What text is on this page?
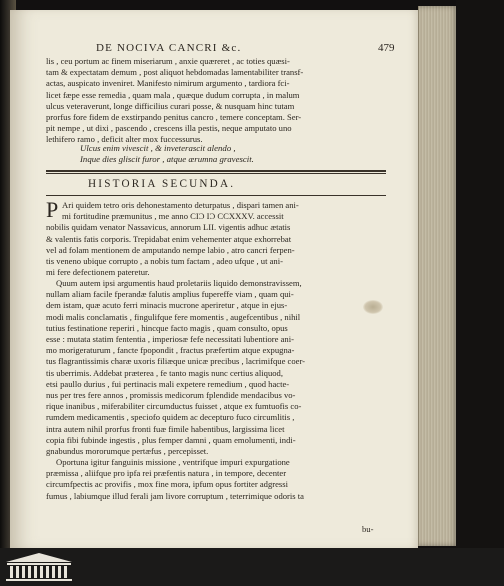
DE NOCIVA CANCRI &c.	479
lis , ceu portum ac finem miseriarum , anxie quæreret , ac toties quæsi-
tam & expectatam demum , post aliquot hebdomadas lamentabiliter transf-
actas, auspicato inveniret. Manifesto nimirum argumento , tardiora fci-
licet fæpe esse remedia , quam mala , quæque dudum corrupta , in malum
ulcus veteraverunt, longe difficilius curari posse, & nusquam hinc tutam
prorfus fore fidem de exstirpando penitus cancro , temere conceptam. Ser-
pit nempe , ut dixi , pascendo , crescens illa pestis, neque amputato uno
lethifero ramo , deficit alter mox fuccessurus.
Ulcus enim vivescit , & inveterascit alendo ,
Inque dies gliscit furor , atque ærumna gravescit.
HISTORIA SECUNDA.
P Ari quidem tetro oris dehonestamento deturpatus , dispari tamen ani-
mi fortitudine præmunitus , me anno CIƆ IƆ CCXXXV. accessit
nobilis quidam venator Nassavicus, annorum LII. vigentis adhuc ætatis
& valentis fatis corporis. Trepidabat enim vehementer atque exhorrebat
vel ad folam mentionem de amputando nempe labio , atro cancri ferpen-
tis veneno ubique corrupto , a nobis tum factam , adeo ufque , ut ani-
mi fere defectionem pateretur.
Quum autem ipsi argumentis haud proletariis liquido demonstravissem,
nullam aliam facile fperandæ falutis amplius fupereffe viam , quam qui-
dem istam, quæ acuto ferri minacis mucrone aperiretur , atque in ejus-
modi malis conclamatis , fingulifque fere momentis , augefcentibus , nihil
tutius festinatione reperiri , hincque facto magis , quam consulto, opus
esse : mutata statim fententia , imperiosæ fefe necessitati lubentiore ani-
mo morigeraturum , fancte fpopondit , fractus præfertim atque expugna-
tus flagrantissimis charæ uxoris filiæque unicæ precibus , lacrimifque coer-
tis uberrimis. Addebat præterea , fe tanto magis nunc certius aliquod,
etsi paullo durius , fui pertinacis mali expetere remedium , quod hacte-
nus per tres fere annos , promissis medicorum fplendide mendacibus vo-
rique inanibus , miferabiliter circumductus fuisset , atque ex fumtuofis co-
rumdem medicamentis , speciofo quidem ac decepturo fuco circumlitis ,
intra autem nihil prorfus fronti fuæ fimile habentibus, largissima licet
copia fibi fubinde ingestis , plus femper damni , quam emolumenti, indi-
gnabundus mororumque pertæfus , percepisset.
Oportuna igitur fanguinis missione , ventrifque impuri expurgatione
præmissa , aliifque pro ipfa rei præfentis natura , in tempore, decenter
circumfpectis ac provifis , mox fine mora, ipfum opus fortiter adgressi
fumus , labiumque illud ferali jam livore corruptum , teterrimique odoris ta
bu-
